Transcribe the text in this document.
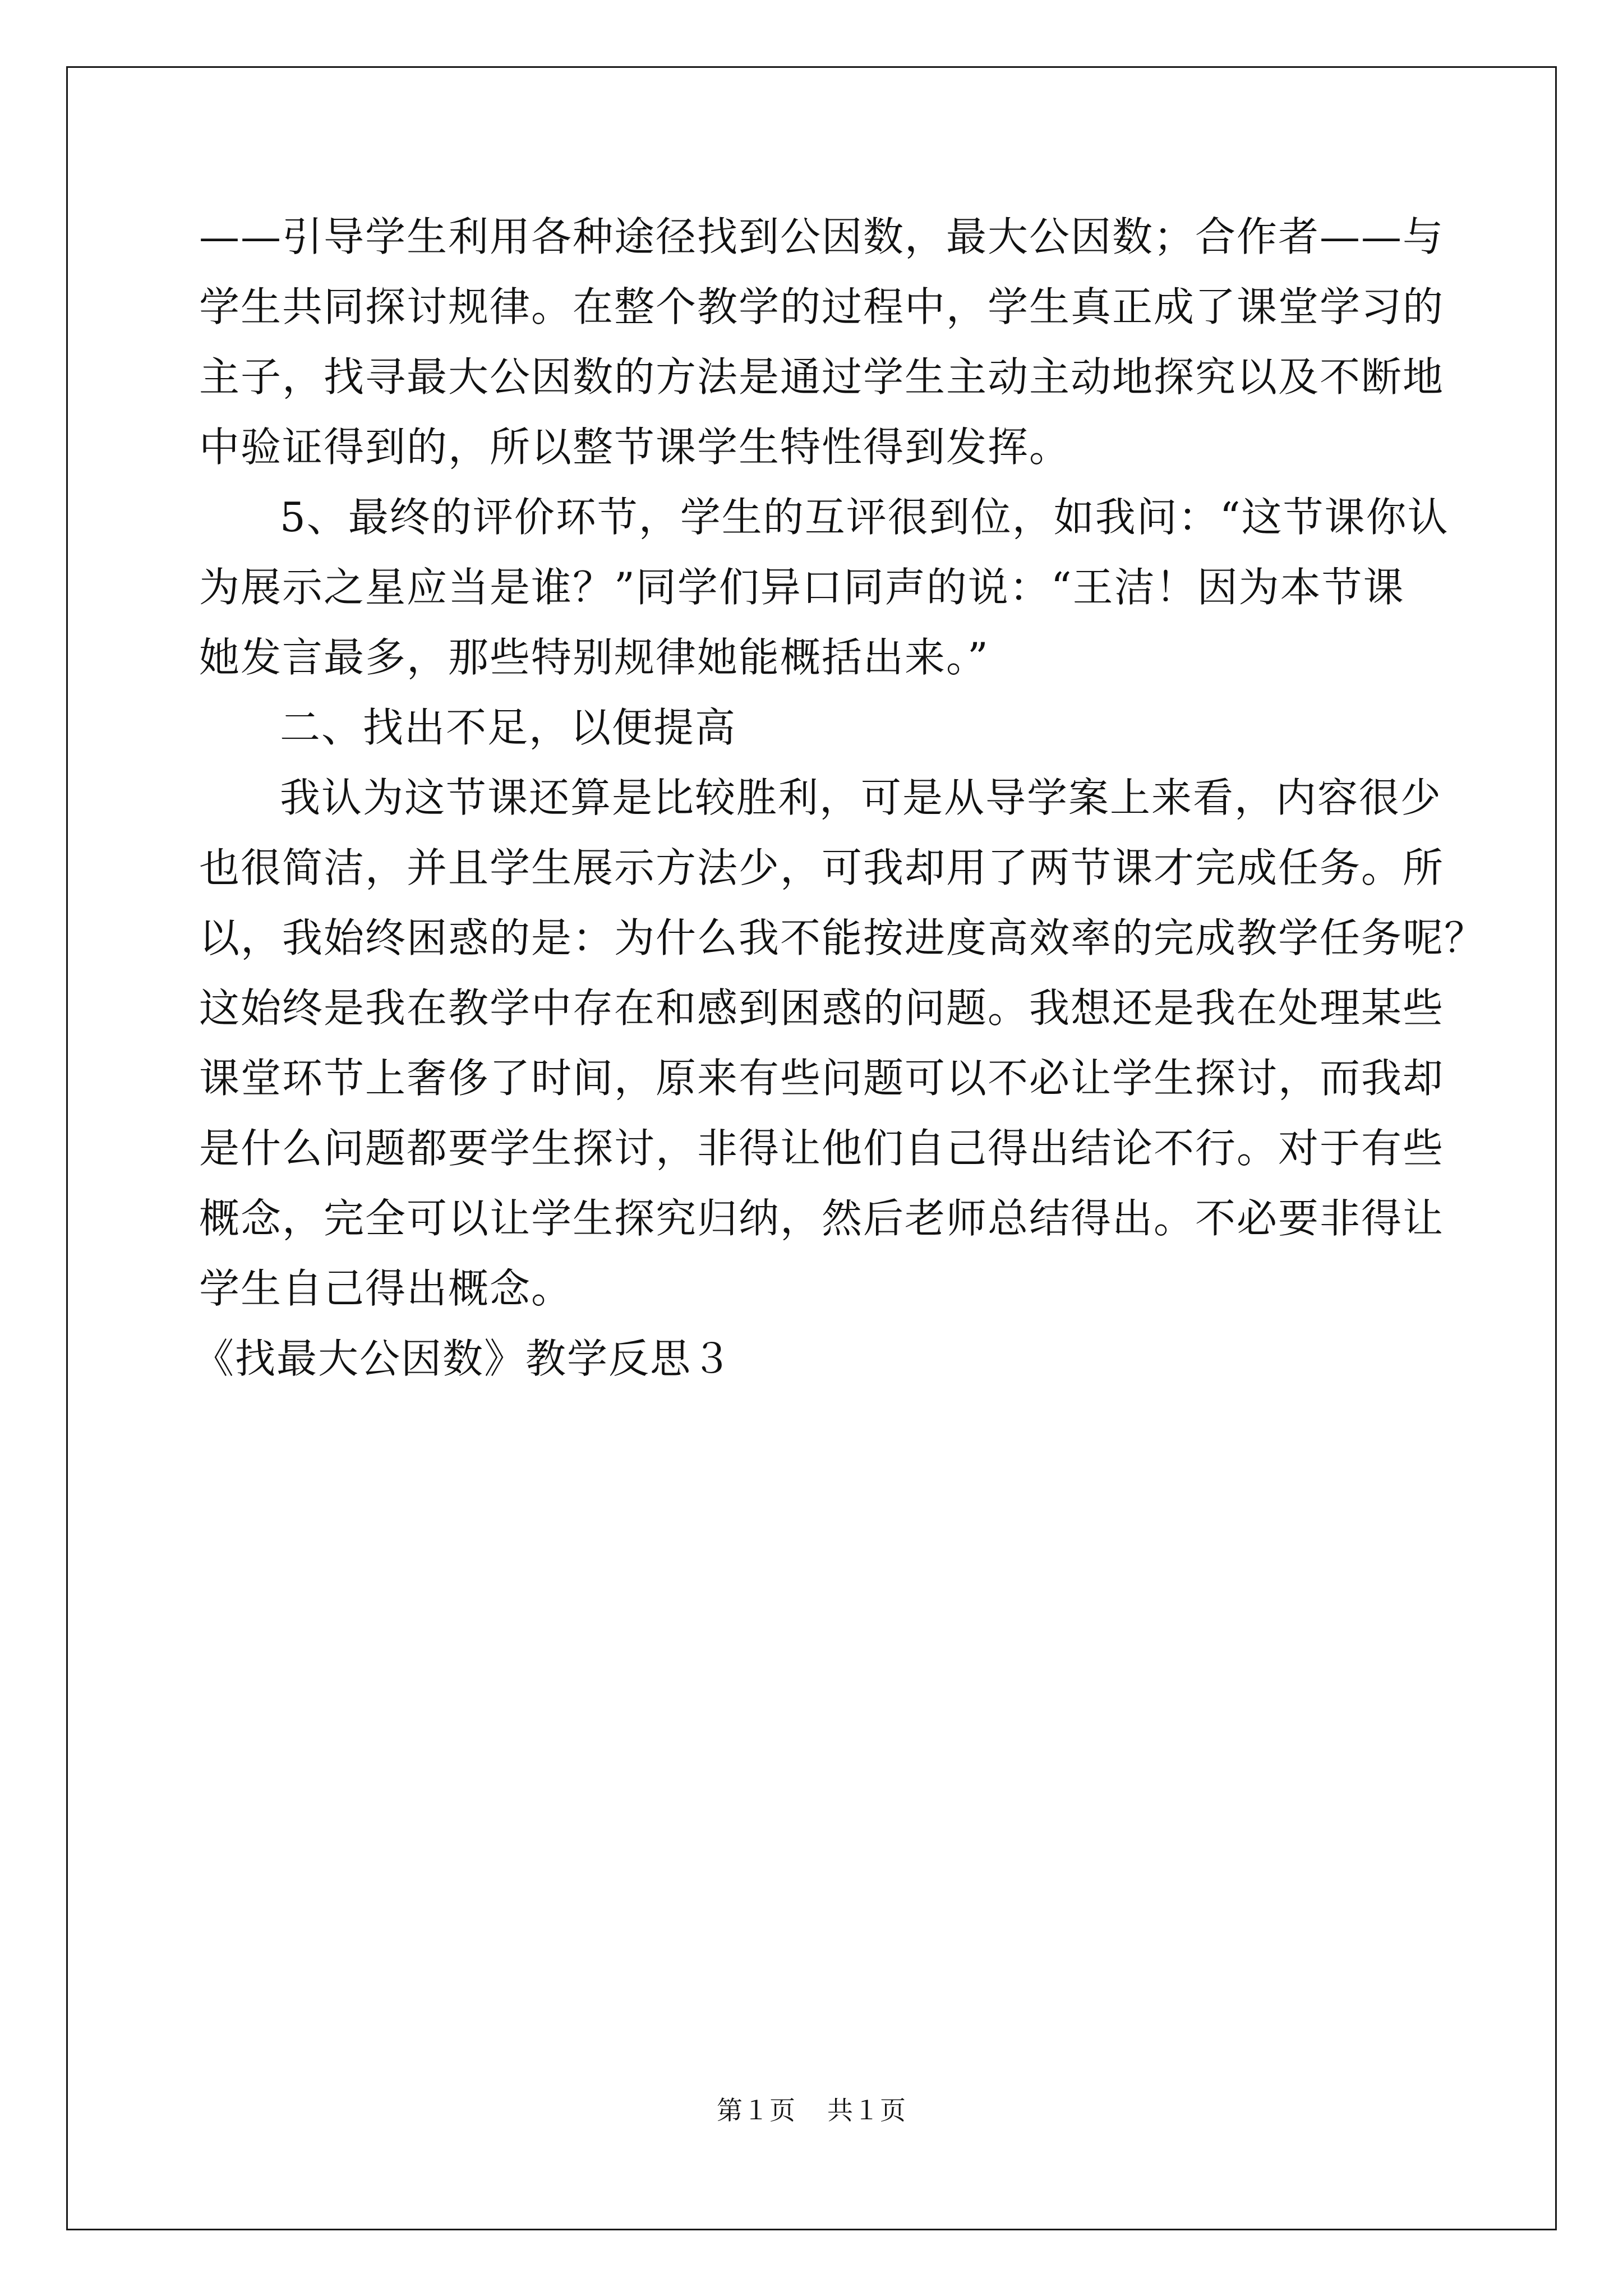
——引导学生利用各种途径找到公因数，最大公因数；合作者——与
学生共同探讨规律。在整个教学的过程中，学生真正成了课堂学习的
主子，找寻最大公因数的方法是通过学生主动主动地探究以及不断地
中验证得到的，所以整节课学生特性得到发挥。
5、最终的评价环节，学生的互评很到位，如我问：“这节课你认
为展示之星应当是谁？”同学们异口同声的说：“王洁！因为本节课
她发言最多，那些特别规律她能概括出来。”
二、找出不足，以便提高
我认为这节课还算是比较胜利，可是从导学案上来看，内容很少
也很简洁，并且学生展示方法少，可我却用了两节课才完成任务。所
以，我始终困惑的是：为什么我不能按进度高效率的完成教学任务呢？
这始终是我在教学中存在和感到困惑的问题。我想还是我在处理某些
课堂环节上奢侈了时间，原来有些问题可以不必让学生探讨，而我却
是什么问题都要学生探讨，非得让他们自己得出结论不行。对于有些
概念，完全可以让学生探究归纳，然后老师总结得出。不必要非得让
学生自己得出概念。
《找最大公因数》教学反思３
第１页 共１页
